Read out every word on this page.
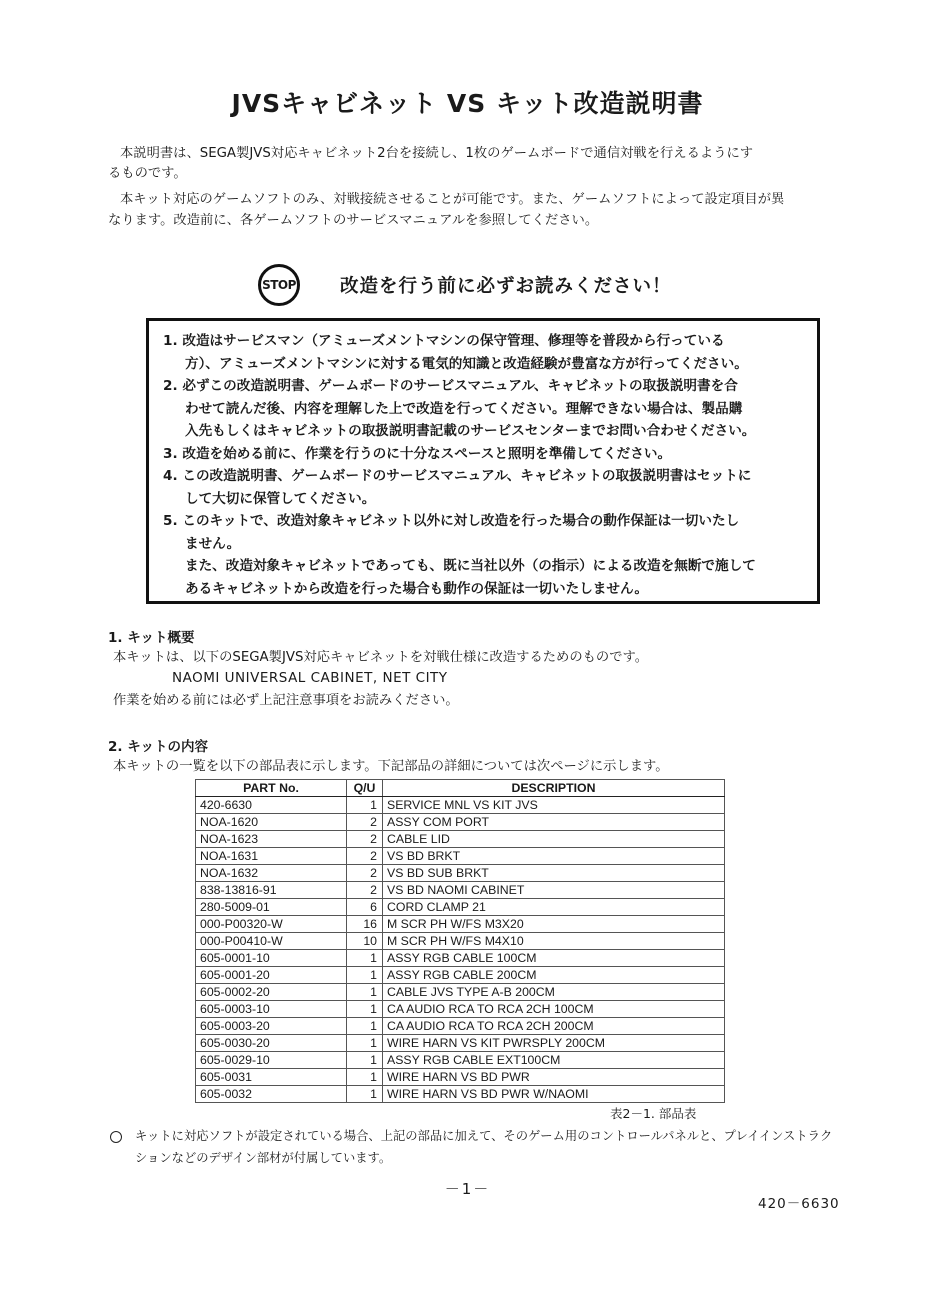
JVSキャビネット VS キット改造説明書
本説明書は、SEGA製JVS対応キャビネット2台を接続し、1枚のゲームボードで通信対戦を行えるようにす
るものです。
本キット対応のゲームソフトのみ、対戦接続させることが可能です。また、ゲームソフトによって設定項目が異
なります。改造前に、各ゲームソフトのサービスマニュアルを参照してください。
STOP 改造を行う前に必ずお読みください！
1. 改造はサービスマン（アミューズメントマシンの保守管理、修理等を普段から行っている
方）、アミューズメントマシンに対する電気的知識と改造経験が豊富な方が行ってください。
2. 必ずこの改造説明書、ゲームボードのサービスマニュアル、キャビネットの取扱説明書を合
わせて読んだ後、内容を理解した上で改造を行ってください。理解できない場合は、製品購
入先もしくはキャビネットの取扱説明書記載のサービスセンターまでお問い合わせください。
3. 改造を始める前に、作業を行うのに十分なスペースと照明を準備してください。
4. この改造説明書、ゲームボードのサービスマニュアル、キャビネットの取扱説明書はセットに
して大切に保管してください。
5. このキットで、改造対象キャビネット以外に対し改造を行った場合の動作保証は一切いたし
ません。
また、改造対象キャビネットであっても、既に当社以外（の指示）による改造を無断で施して
あるキャビネットから改造を行った場合も動作の保証は一切いたしません。
1. キット概要
本キットは、以下のSEGA製JVS対応キャビネットを対戦仕様に改造するためのものです。
NAOMI UNIVERSAL CABINET, NET CITY
作業を始める前には必ず上記注意事項をお読みください。
2. キットの内容
本キットの一覧を以下の部品表に示します。下記部品の詳細については次ページに示します。
PART No.	Q/U	DESCRIPTION
420-6630	1	SERVICE MNL VS KIT JVS
NOA-1620	2	ASSY COM PORT
NOA-1623	2	CABLE LID
NOA-1631	2	VS BD BRKT
NOA-1632	2	VS BD SUB BRKT
838-13816-91	2	VS BD NAOMI CABINET
280-5009-01	6	CORD CLAMP 21
000-P00320-W	16	M SCR PH W/FS M3X20
000-P00410-W	10	M SCR PH W/FS M4X10
605-0001-10	1	ASSY RGB CABLE 100CM
605-0001-20	1	ASSY RGB CABLE 200CM
605-0002-20	1	CABLE JVS TYPE A-B 200CM
605-0003-10	1	CA AUDIO RCA TO RCA 2CH 100CM
605-0003-20	1	CA AUDIO RCA TO RCA 2CH 200CM
605-0030-20	1	WIRE HARN VS KIT PWRSPLY 200CM
605-0029-10	1	ASSY RGB CABLE EXT100CM
605-0031	1	WIRE HARN VS BD PWR
605-0032	1	WIRE HARN VS BD PWR W/NAOMI
表2－1. 部品表
キットに対応ソフトが設定されている場合、上記の部品に加えて、そのゲーム用のコントロールパネルと、プレイインストラク
ションなどのデザイン部材が付属しています。
－1－
420－6630
